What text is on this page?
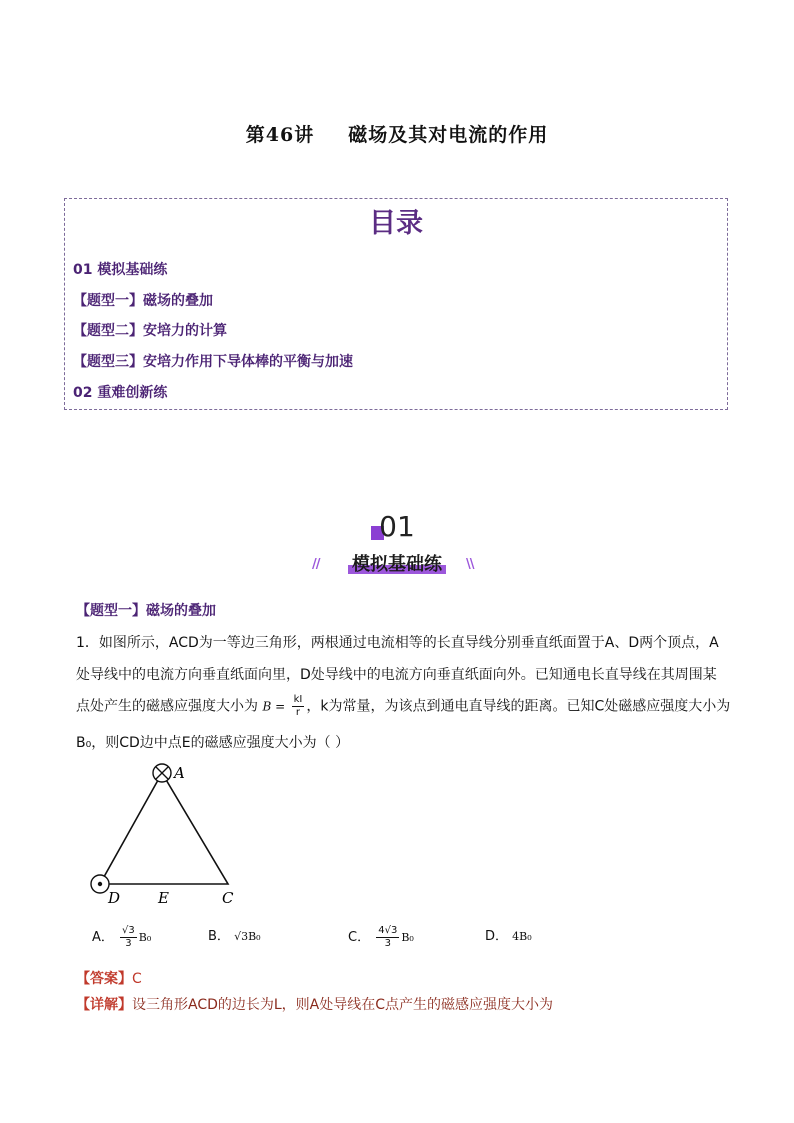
第46讲 磁场及其对电流的作用
目录
01 模拟基础练
【题型一】磁场的叠加
【题型二】安培力的计算
【题型三】安培力作用下导体棒的平衡与加速
02 重难创新练
01
//	模拟基础练	\\
【题型一】磁场的叠加
1．如图所示，ACD为一等边三角形，两根通过电流相等的长直导线分别垂直纸面置于A、D两个顶点，A
处导线中的电流方向垂直纸面向里，D处导线中的电流方向垂直纸面向外。已知通电长直导线在其周围某
点处产生的磁感应强度大小为 $B = \frac{kI}{r}$ ，k为常量，为该点到通电直导线的距离。已知C处磁感应强度大小为
B₀，则CD边中点E的磁感应强度大小为（ ）
A
D	E	C
A． $\frac{√3}{3} B_0$	B． √3B₀	C． $\frac{4√3}{3} B_0$	D． 4B₀
【答案】C
【详解】设三角形ACD的边长为L，则A处导线在C点产生的磁感应强度大小为
